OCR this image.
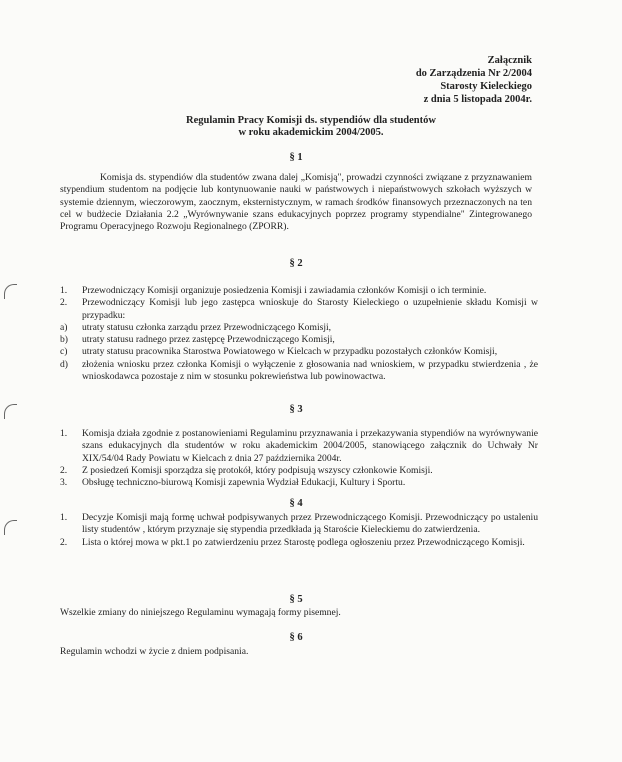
Załącznik
do Zarządzenia Nr 2/2004
Starosty Kieleckiego
z dnia 5 listopada 2004r.
Regulamin Pracy Komisji ds. stypendiów dla studentów
w roku akademickim 2004/2005.
§ 1
Komisja ds. stypendiów dla studentów zwana dalej „Komisją", prowadzi czynności związane z przyznawaniem stypendium studentom na podjęcie lub kontynuowanie nauki w państwowych i niepaństwowych szkołach wyższych w systemie dziennym, wieczorowym, zaocznym, eksternistycznym, w ramach środków finansowych przeznaczonych na ten cel w budżecie Działania 2.2 „Wyrównywanie szans edukacyjnych poprzez programy stypendialne" Zintegrowanego Programu Operacyjnego Rozwoju Regionalnego (ZPORR).
§ 2
1.	Przewodniczący Komisji organizuje posiedzenia Komisji i zawiadamia członków Komisji o ich terminie.
2.	Przewodniczący Komisji lub jego zastępca wnioskuje do Starosty Kieleckiego o uzupełnienie składu Komisji w przypadku:
a)	utraty statusu członka zarządu przez Przewodniczącego Komisji,
b)	utraty statusu radnego przez zastępcę Przewodniczącego Komisji,
c)	utraty statusu pracownika Starostwa Powiatowego w Kielcach w przypadku pozostałych członków Komisji,
d)	złożenia wniosku przez członka Komisji o wyłączenie z głosowania nad wnioskiem, w przypadku stwierdzenia , że wnioskodawca pozostaje z nim w stosunku pokrewieństwa lub powinowactwa.
§ 3
1.	Komisja działa zgodnie z postanowieniami Regulaminu przyznawania i przekazywania stypendiów na wyrównywanie szans edukacyjnych dla studentów w roku akademickim 2004/2005, stanowiącego załącznik do Uchwały Nr XIX/54/04 Rady Powiatu w Kielcach z dnia 27 października 2004r.
2.	Z posiedzeń Komisji sporządza się protokół, który podpisują wszyscy członkowie Komisji.
3.	Obsługę techniczno-biurową Komisji zapewnia Wydział Edukacji, Kultury i Sportu.
§ 4
1.	Decyzje Komisji mają formę uchwał podpisywanych przez Przewodniczącego Komisji. Przewodniczący po ustaleniu listy studentów , którym przyznaje się stypendia przedkłada ją Staroście Kieleckiemu do zatwierdzenia.
2.	Lista o której mowa w pkt.1 po zatwierdzeniu przez Starostę podlega ogłoszeniu przez Przewodniczącego Komisji.
§ 5
Wszelkie zmiany do niniejszego Regulaminu wymagają formy pisemnej.
§ 6
Regulamin wchodzi w życie z dniem podpisania.
